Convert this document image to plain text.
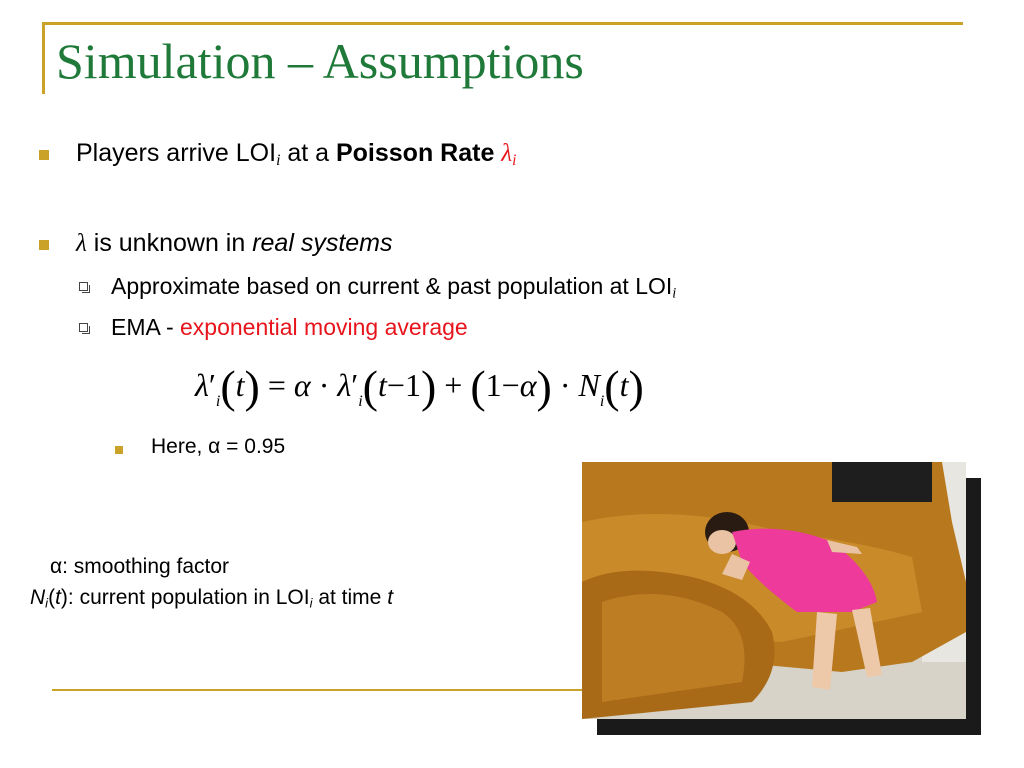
Simulation – Assumptions
Players arrive $LOI_i$ at a Poisson Rate $\lambda_i$
λ is unknown in real systems
Approximate based on current & past population at $LOI_i$
EMA - exponential moving average
$\lambda'_i(t) = \alpha \cdot \lambda'_i(t-1) + (1-\alpha) \cdot N_i(t)$
Here, α = 0.95
α: smoothing factor
$N_i(t)$: current population in $LOI_i$ at time t
